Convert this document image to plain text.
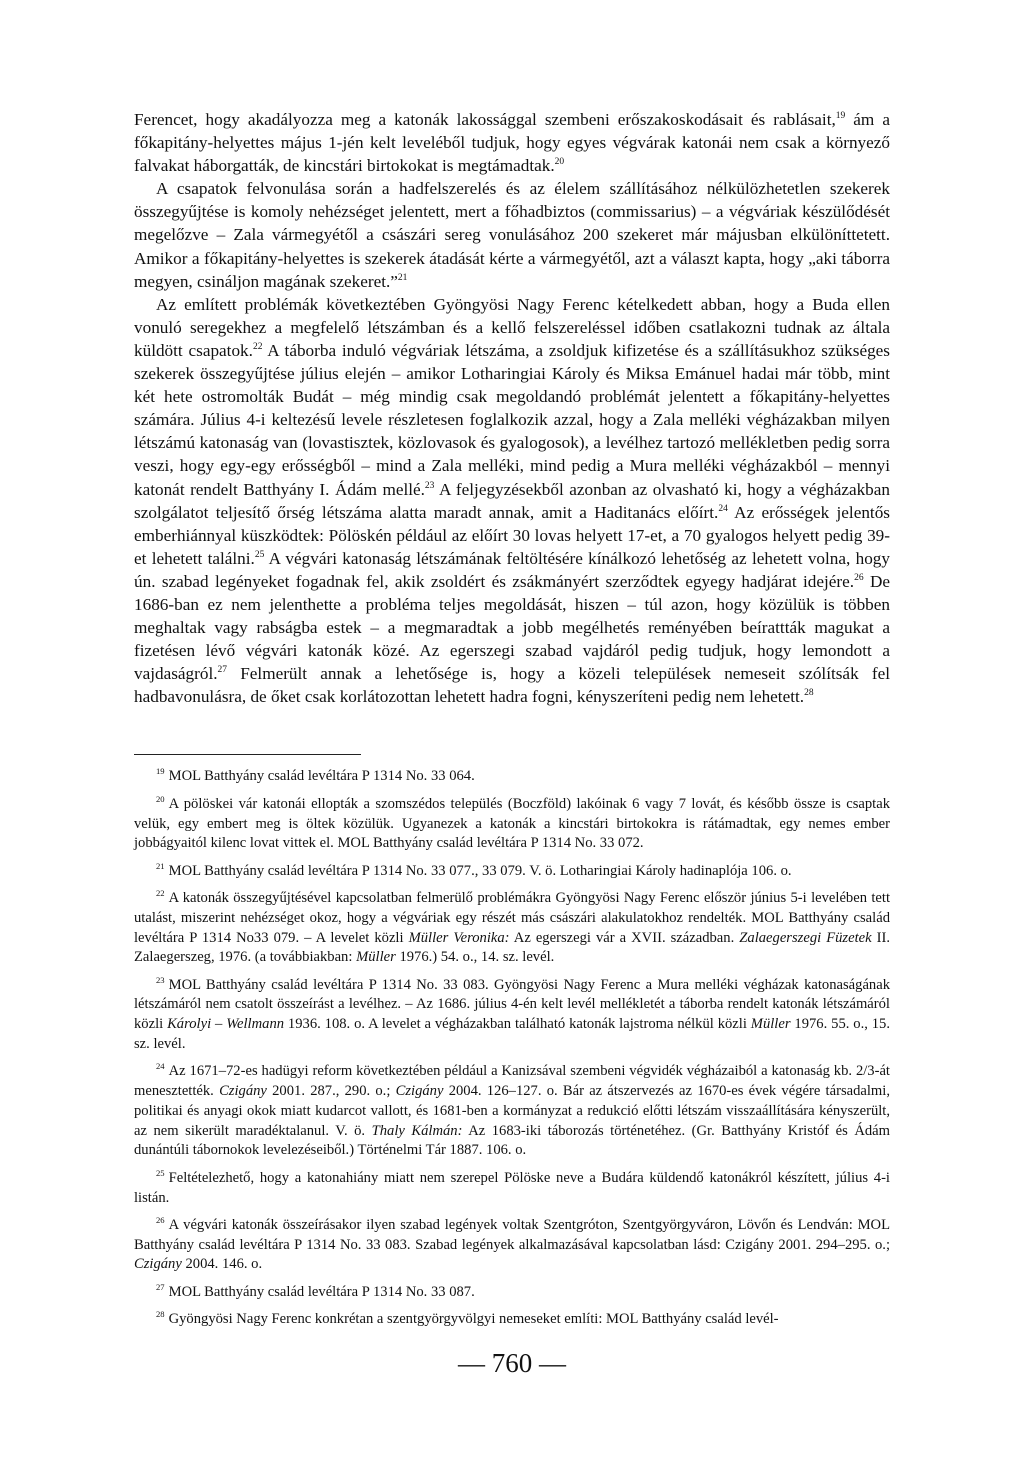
Ferencet, hogy akadályozza meg a katonák lakossággal szembeni erőszakoskodásait és rablásait,$^{19}$ ám a főkapitány-helyettes május 1-jén kelt leveléből tudjuk, hogy egyes végvárak katonái nem csak a környező falvakat háborgatták, de kincstári birtokokat is megtámadtak.$^{20}$

A csapatok felvonulása során a hadfelszerelés és az élelem szállításához nélkülözhetetlen szekerek összegyűjtése is komoly nehézséget jelentett, mert a főhadbiztos (commissarius) – a végváriak készülődését megelőzve – Zala vármegyétől a császári sereg vonulásához 200 szekeret már májusban elkülöníttetett. Amikor a főkapitány-helyettes is szekerek átadását kérte a vármegyétől, azt a választ kapta, hogy „aki táborra megyen, csináljon magának szekeret.”$^{21}$

Az említett problémák következtében Gyöngyösi Nagy Ferenc kételkedett abban, hogy a Buda ellen vonuló seregekhez a megfelelő létszámban és a kellő felszereléssel időben csatlakozni tudnak az általa küldött csapatok.$^{22}$ A táborba induló végváriak létszáma, a zsoldjuk kifizetése és a szállításukhoz szükséges szekerek összegyűjtése július elején – amikor Lotharingiai Károly és Miksa Emánuel hadai már több, mint két hete ostromolták Budát – még mindig csak megoldandó problémát jelentett a főkapitány-helyettes számára. Július 4-i keltezésű levele részletesen foglalkozik azzal, hogy a Zala melléki végházakban milyen létszámú katonaság van (lovastisztek, közlovasok és gyalogosok), a levélhez tartozó mellékletben pedig sorra veszi, hogy egy-egy erősségből – mind a Zala melléki, mind pedig a Mura melléki végházakból – mennyi katonát rendelt Batthyány I. Ádám mellé.$^{23}$ A feljegyzésekből azonban az olvasható ki, hogy a végházakban szolgálatot teljesítő őrség létszáma alatta maradt annak, amit a Haditanács előírt.$^{24}$ Az erősségek jelentős emberhiánnyal küszködtek: Pölöskén például az előírt 30 lovas helyett 17-et, a 70 gyalogos helyett pedig 39-et lehetett találni.$^{25}$ A végvári katonaság létszámának feltöltésére kínálkozó lehetőség az lehetett volna, hogy ún. szabad legényeket fogadnak fel, akik zsoldért és zsákmányért szerződtek egyegy hadjárat idejére.$^{26}$ De 1686-ban ez nem jelenthette a probléma teljes megoldását, hiszen – túl azon, hogy közülük is többen meghaltak vagy rabságba estek – a megmaradtak a jobb megélhetés reményében beírattták magukat a fizetésen lévő végvári katonák közé. Az egerszegi szabad vajdáról pedig tudjuk, hogy lemondott a vajdaságról.$^{27}$ Felmerült annak a lehetősége is, hogy a közeli települések nemeseit szólítsák fel hadbavonulásra, de őket csak korlátozottan lehetett hadra fogni, kényszeríteni pedig nem lehetett.$^{28}$

$^{19}$ MOL Batthyány család levéltára P 1314 No. 33 064.

$^{20}$ A pölöskei vár katonái ellopták a szomszédos település (Boczföld) lakóinak 6 vagy 7 lovát, és később össze is csaptak velük, egy embert meg is öltek közülük. Ugyanezek a katonák a kincstári birtokokra is rátámadtak, egy nemes ember jobbágyaitól kilenc lovat vittek el. MOL Batthyány család levéltára P 1314 No. 33 072.

$^{21}$ MOL Batthyány család levéltára P 1314 No. 33 077., 33 079. V. ö. Lotharingiai Károly hadinaplója 106. o.

$^{22}$ A katonák összegyűjtésével kapcsolatban felmerülő problémákra Gyöngyösi Nagy Ferenc először június 5-i levelében tett utalást, miszerint nehézséget okoz, hogy a végváriak egy részét más császári alakulatokhoz rendelték. MOL Batthyány család levéltára P 1314 No33 079. – A levelet közli Müller Veronika: Az egerszegi vár a XVII. században. Zalaegerszegi Füzetek II. Zalaegerszeg, 1976. (a továbbiakban: Müller 1976.) 54. o., 14. sz. levél.

$^{23}$ MOL Batthyány család levéltára P 1314 No. 33 083. Gyöngyösi Nagy Ferenc a Mura melléki végházak katonaságának létszámáról nem csatolt összeírást a levélhez. – Az 1686. július 4-én kelt levél mellékletét a táborba rendelt katonák létszámáról közli Károlyi – Wellmann 1936. 108. o. A levelet a végházakban található katonák lajstroma nélkül közli Müller 1976. 55. o., 15. sz. levél.

$^{24}$ Az 1671–72-es hadügyi reform következtében például a Kanizsával szembeni végvidék végházaiból a katonaság kb. 2/3-át menesztették. Czigány 2001. 287., 290. o.; Czigány 2004. 126–127. o. Bár az átszervezés az 1670-es évek végére társadalmi, politikai és anyagi okok miatt kudarcot vallott, és 1681-ben a kormányzat a redukció előtti létszám visszaállítására kényszerült, az nem sikerült maradéktalanul. V. ö. Thaly Kálmán: Az 1683-iki táborozás történetéhez. (Gr. Batthyány Kristóf és Ádám dunántúli tábornokok levelezéseiből.) Történelmi Tár 1887. 106. o.

$^{25}$ Feltételezhető, hogy a katonahiány miatt nem szerepel Pölöske neve a Budára küldendő katonákról készített, július 4-i listán.

$^{26}$ A végvári katonák összeírásakor ilyen szabad legények voltak Szentgróton, Szentgyörgyváron, Lövőn és Lendván: MOL Batthyány család levéltára P 1314 No. 33 083. Szabad legények alkalmazásával kapcsolatban lásd: Czigány 2001. 294–295. o.; Czigány 2004. 146. o.

$^{27}$ MOL Batthyány család levéltára P 1314 No. 33 087.

$^{28}$ Gyöngyösi Nagy Ferenc konkrétan a szentgyörgyvölgyi nemeseket említi: MOL Batthyány család levél-

— 760 —
